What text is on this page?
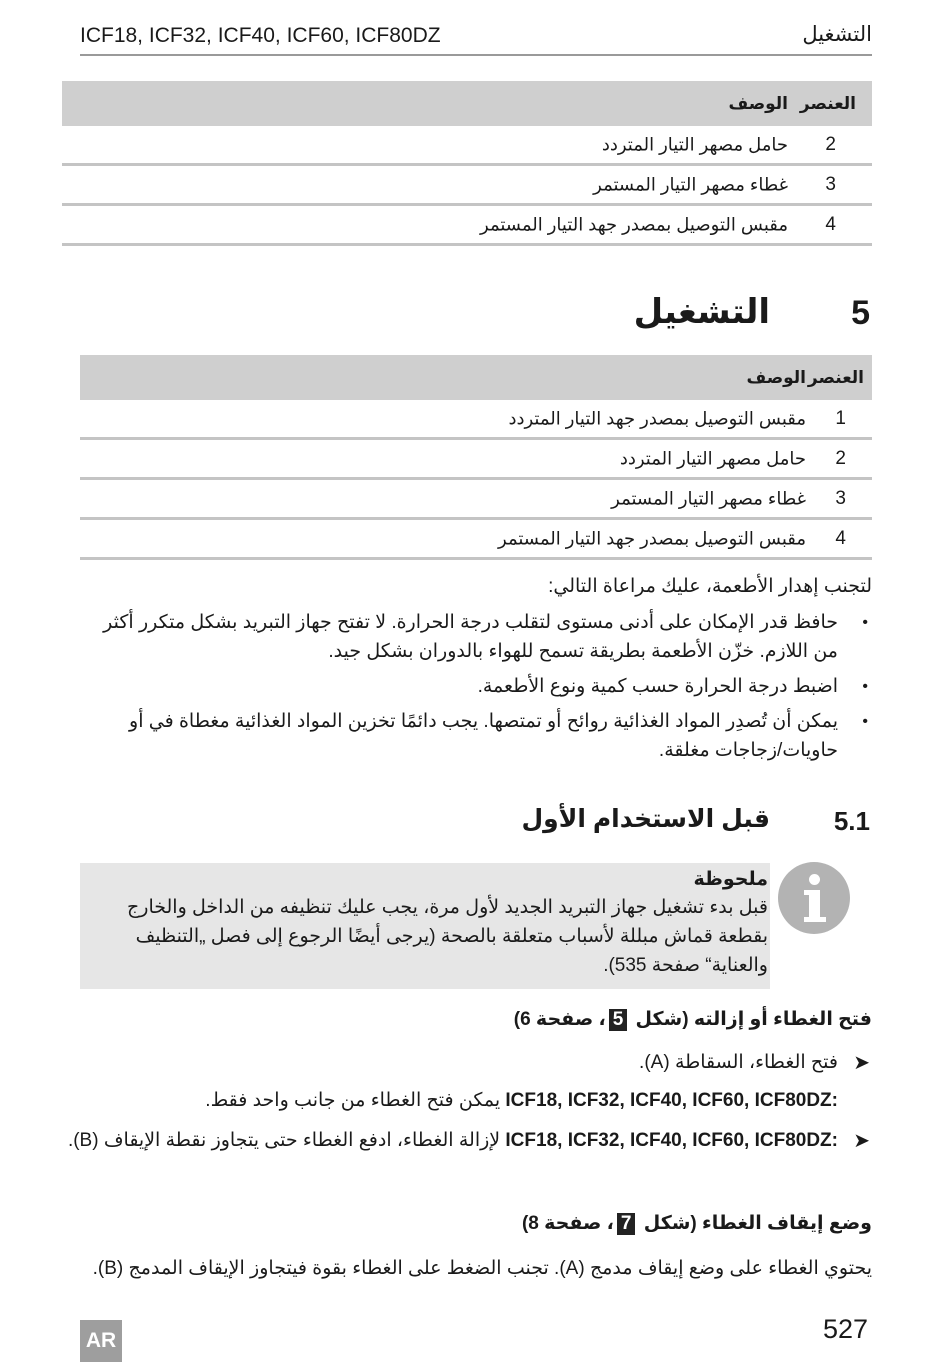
ICF18, ICF32, ICF40, ICF60, ICF80DZ	التشغيل
العنصر
الوصف
2
حامل مصهر التيار المتردد
3
غطاء مصهر التيار المستمر
4
مقبس التوصيل بمصدر جهد التيار المستمر
5
التشغيل
العنصر
الوصف
1
مقبس التوصيل بمصدر جهد التيار المتردد
2
حامل مصهر التيار المتردد
3
غطاء مصهر التيار المستمر
4
مقبس التوصيل بمصدر جهد التيار المستمر
لتجنب إهدار الأطعمة، عليك مراعاة التالي:
•
حافظ قدر الإمكان على أدنى مستوى لتقلب درجة الحرارة. لا تفتح جهاز التبريد بشكل متكرر أكثر من اللازم. خزّن الأطعمة بطريقة تسمح للهواء بالدوران بشكل جيد.
•
اضبط درجة الحرارة حسب كمية ونوع الأطعمة.
•
يمكن أن تُصدِر المواد الغذائية روائح أو تمتصها. يجب دائمًا تخزين المواد الغذائية مغطاة في أو حاويات/زجاجات مغلقة.
5.1
قبل الاستخدام الأول
ملحوظة
قبل بدء تشغيل جهاز التبريد الجديد لأول مرة، يجب عليك تنظيفه من الداخل والخارج بقطعة قماش مبللة لأسباب متعلقة بالصحة (يرجى أيضًا الرجوع إلى فصل „التنظيف والعناية“ صفحة 535).
فتح الغطاء أو إزالته (شكل 5، صفحة 6)
➤
فتح الغطاء، السقاطة (A).
ICF18, ICF32, ICF40, ICF60, ICF80DZ: يمكن فتح الغطاء من جانب واحد فقط.
➤
ICF18, ICF32, ICF40, ICF60, ICF80DZ: لإزالة الغطاء، ادفع الغطاء حتى يتجاوز نقطة الإيقاف (B).
وضع إيقاف الغطاء (شكل 7، صفحة 8)
يحتوي الغطاء على وضع إيقاف مدمج (A). تجنب الضغط على الغطاء بقوة فيتجاوز الإيقاف المدمج (B).
AR	527
